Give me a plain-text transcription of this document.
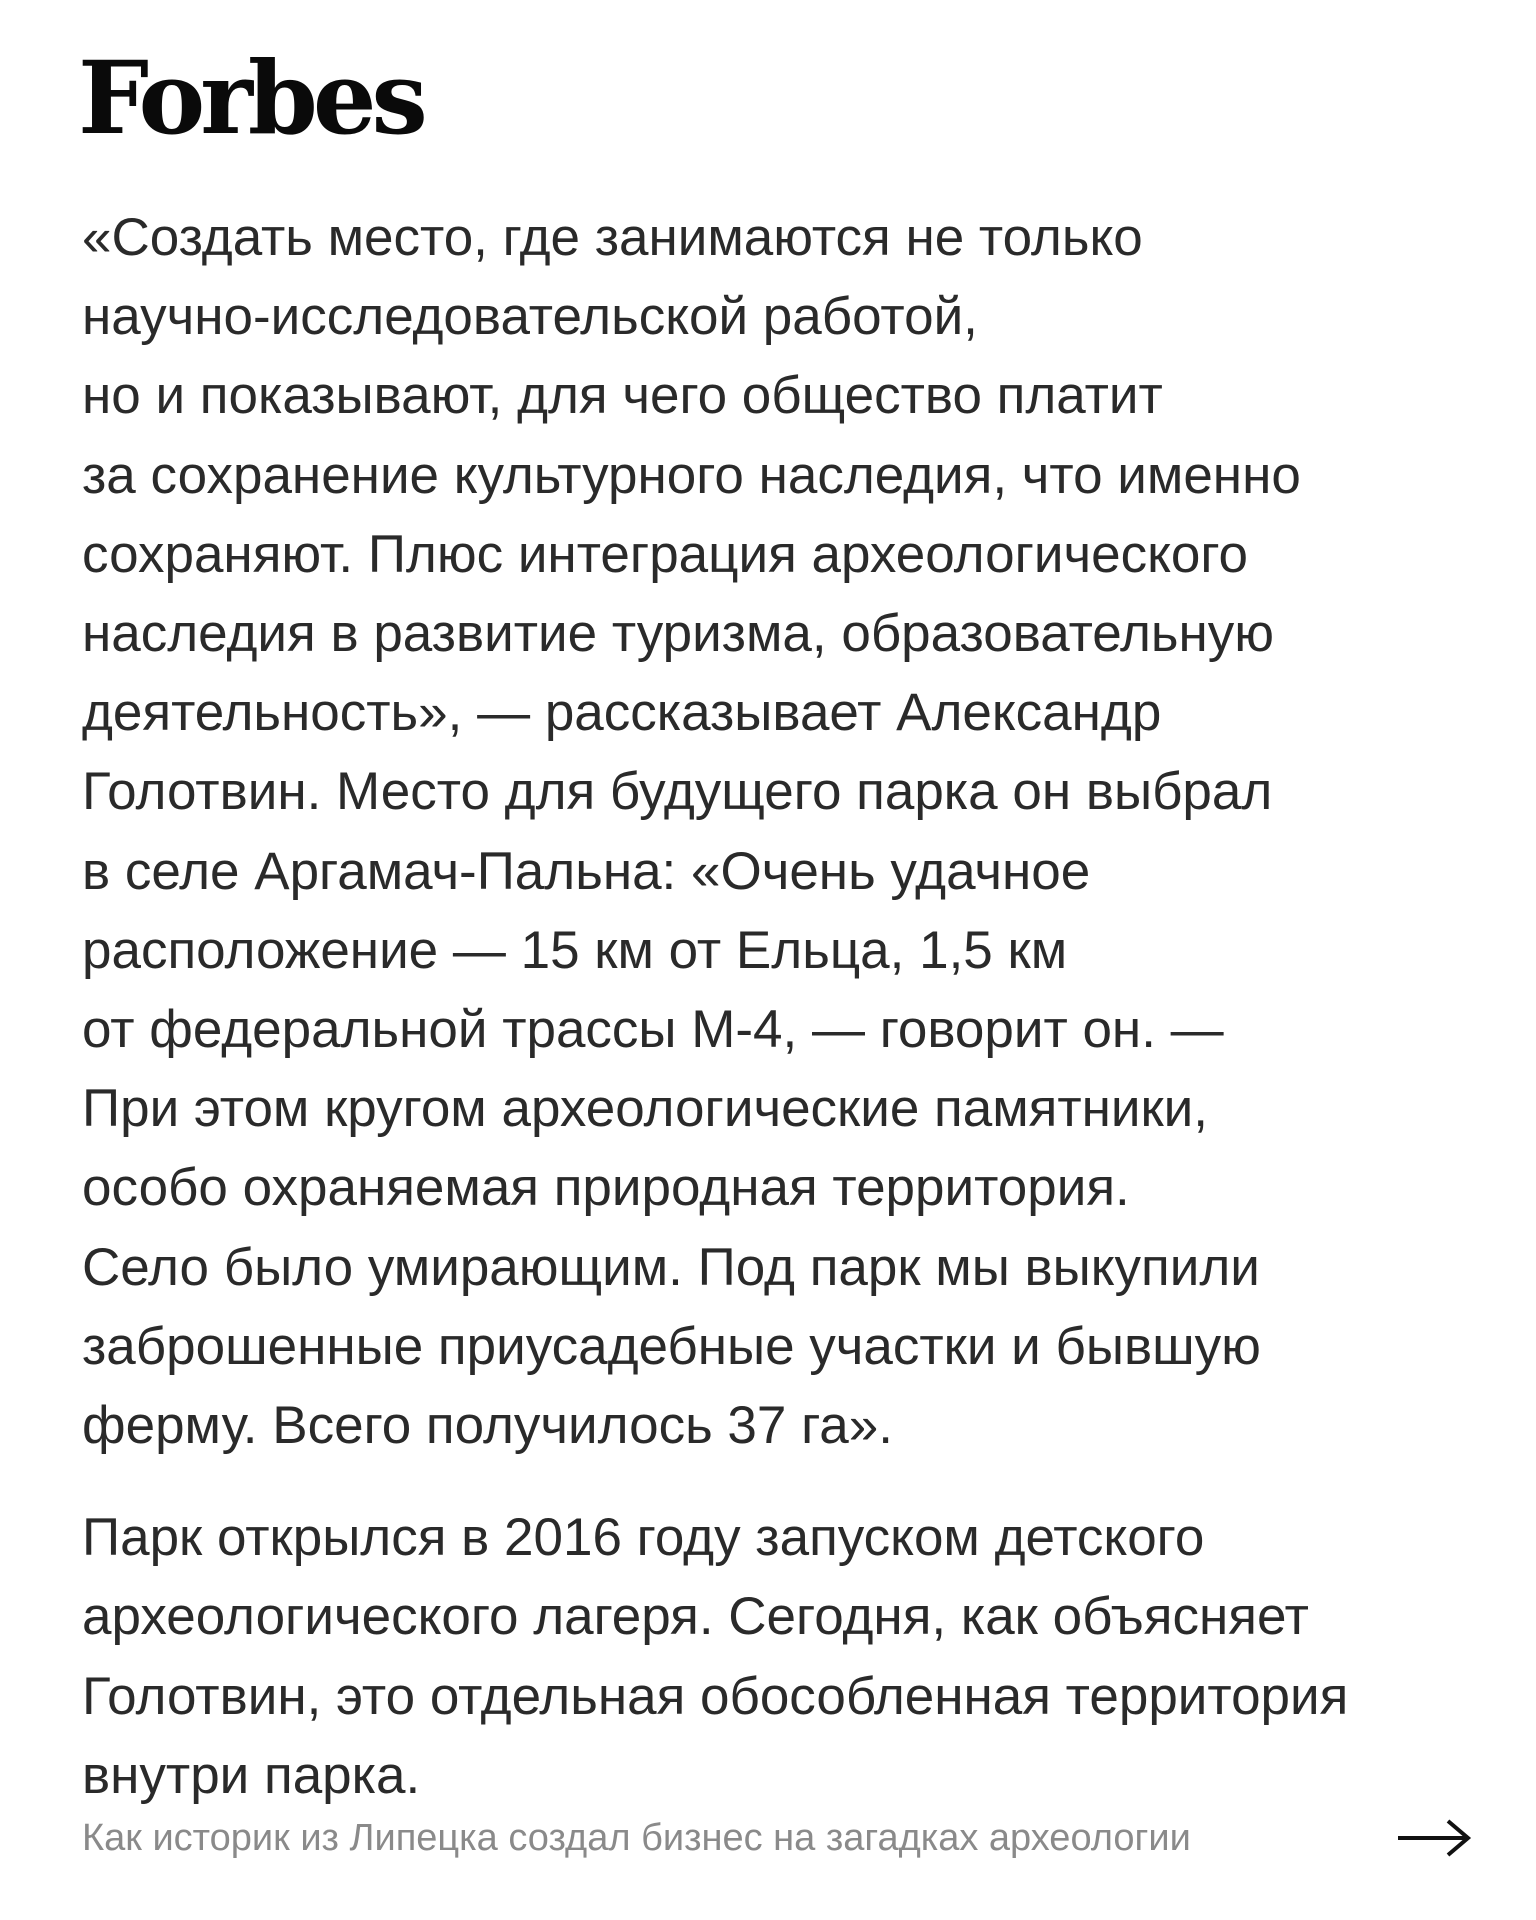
Forbes

«Создать место, где занимаются не только
научно-исследовательской работой,
но и показывают, для чего общество платит
за сохранение культурного наследия, что именно
сохраняют. Плюс интеграция археологического
наследия в развитие туризма, образовательную
деятельность», — рассказывает Александр
Голотвин. Место для будущего парка он выбрал
в селе Аргамач-Пальна: «Очень удачное
расположение — 15 км от Ельца, 1,5 км
от федеральной трассы М-4, — говорит он. —
При этом кругом археологические памятники,
особо охраняемая природная территория.
Село было умирающим. Под парк мы выкупили
заброшенные приусадебные участки и бывшую
ферму. Всего получилось 37 га».

Парк открылся в 2016 году запуском детского
археологического лагеря. Сегодня, как объясняет
Голотвин, это отдельная обособленная территория
внутри парка.

Как историк из Липецка создал бизнес на загадках археологии
